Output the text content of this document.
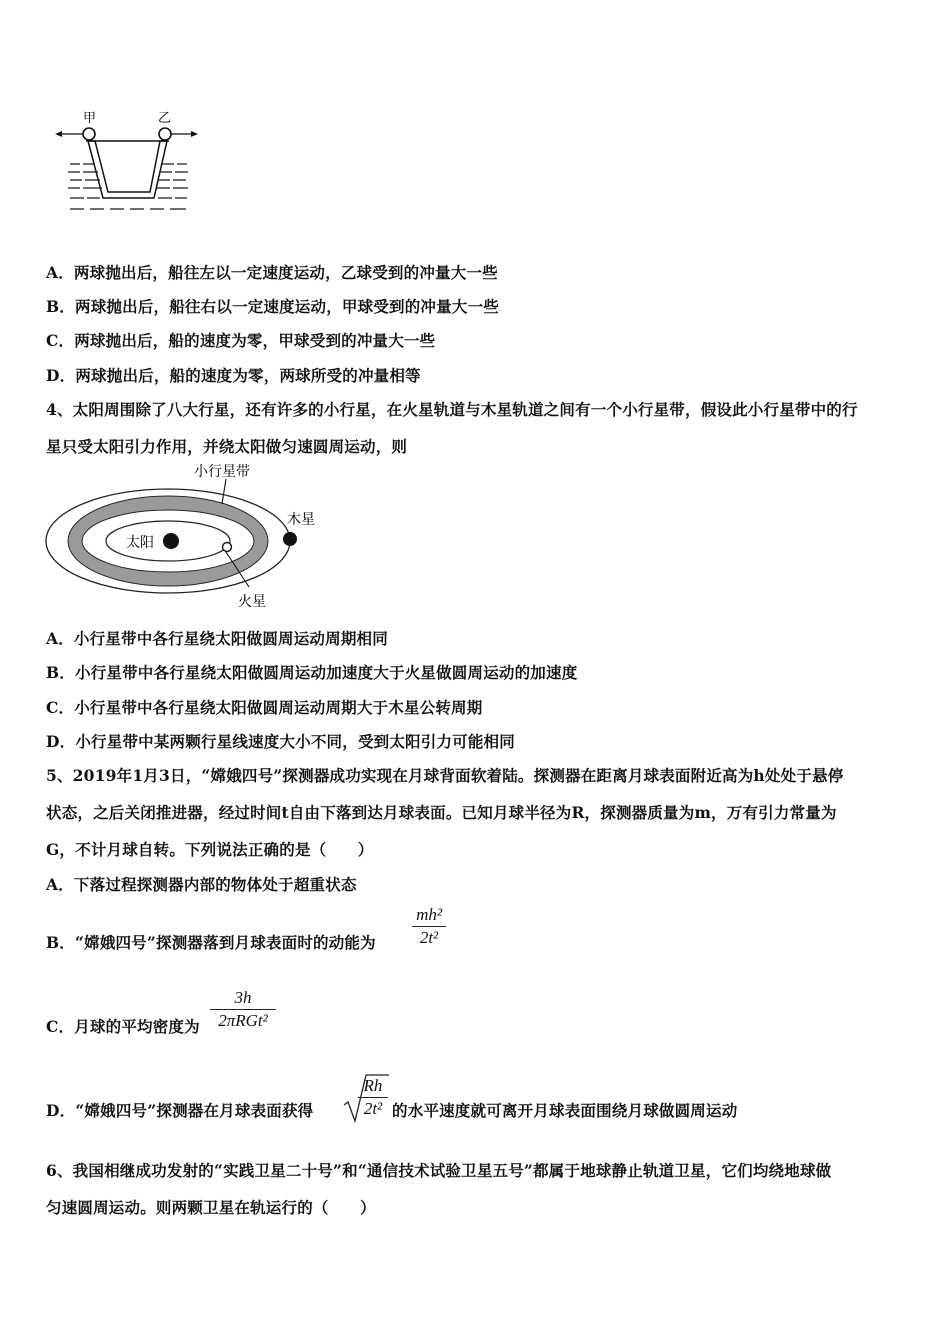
甲	乙
A．两球抛出后，船往左以一定速度运动，乙球受到的冲量大一些
B．两球抛出后，船往右以一定速度运动，甲球受到的冲量大一些
C．两球抛出后，船的速度为零，甲球受到的冲量大一些
D．两球抛出后，船的速度为零，两球所受的冲量相等
4、太阳周围除了八大行星，还有许多的小行星，在火星轨道与木星轨道之间有一个小行星带，假设此小行星带中的行
星只受太阳引力作用，并绕太阳做匀速圆周运动，则
小行星带
木星
太阳
火星
A．小行星带中各行星绕太阳做圆周运动周期相同
B．小行星带中各行星绕太阳做圆周运动加速度大于火星做圆周运动的加速度
C．小行星带中各行星绕太阳做圆周运动周期大于木星公转周期
D．小行星带中某两颗行星线速度大小不同，受到太阳引力可能相同
5、2019年1月3日，“嫦娥四号”探测器成功实现在月球背面软着陆。探测器在距离月球表面附近高为h处处于悬停
状态，之后关闭推进器，经过时间t自由下落到达月球表面。已知月球半径为R，探测器质量为m，万有引力常量为
G，不计月球自转。下列说法正确的是（　　）
A．下落过程探测器内部的物体处于超重状态
B．“嫦娥四号”探测器落到月球表面时的动能为
mh²
2t²
C．月球的平均密度为
3h
2πRGt²
D．“嫦娥四号”探测器在月球表面获得
Rh
2t² 的水平速度就可离开月球表面围绕月球做圆周运动
6、我国相继成功发射的“实践卫星二十号”和“通信技术试验卫星五号”都属于地球静止轨道卫星，它们均绕地球做
匀速圆周运动。则两颗卫星在轨运行的（　　）
